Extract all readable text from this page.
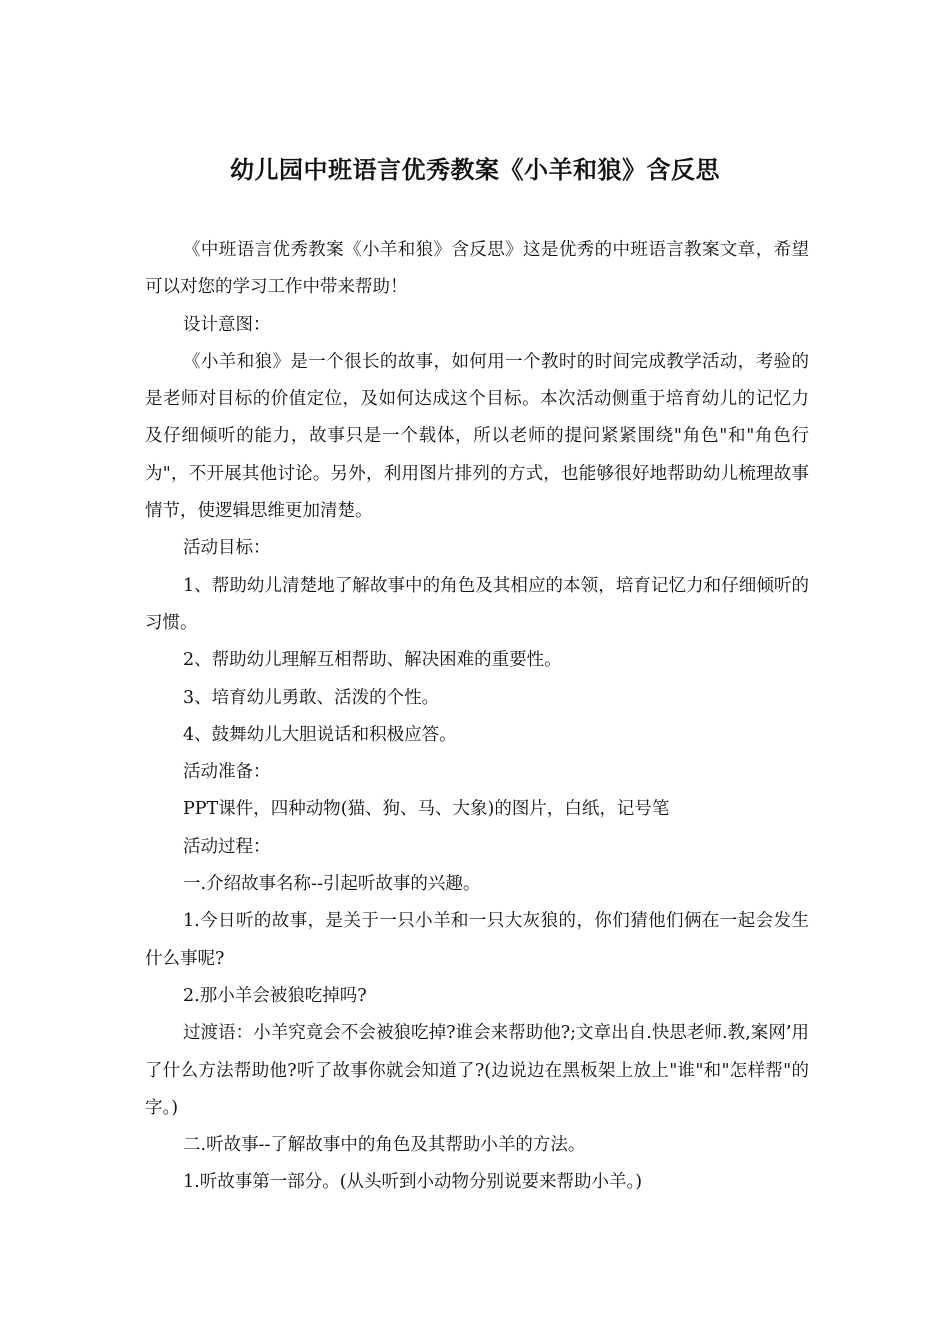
幼儿园中班语言优秀教案《小羊和狼》含反思

《中班语言优秀教案《小羊和狼》含反思》这是优秀的中班语言教案文章，希望可以对您的学习工作中带来帮助！

设计意图：

《小羊和狼》是一个很长的故事，如何用一个教时的时间完成教学活动，考验的是老师对目标的价值定位，及如何达成这个目标。本次活动侧重于培育幼儿的记忆力及仔细倾听的能力，故事只是一个载体，所以老师的提问紧紧围绕"角色"和"角色行为"，不开展其他讨论。另外，利用图片排列的方式，也能够很好地帮助幼儿梳理故事情节，使逻辑思维更加清楚。

活动目标：

1、帮助幼儿清楚地了解故事中的角色及其相应的本领，培育记忆力和仔细倾听的习惯。

2、帮助幼儿理解互相帮助、解决困难的重要性。

3、培育幼儿勇敢、活泼的个性。

4、鼓舞幼儿大胆说话和积极应答。

活动准备：

PPT课件，四种动物(猫、狗、马、大象)的图片，白纸，记号笔

活动过程：

一.介绍故事名称--引起听故事的兴趣。

1.今日听的故事，是关于一只小羊和一只大灰狼的，你们猜他们俩在一起会发生什么事呢?

2.那小羊会被狼吃掉吗?

过渡语：小羊究竟会不会被狼吃掉?谁会来帮助他?;文章出自.快思老师.教,案网’用了什么方法帮助他?听了故事你就会知道了?(边说边在黑板架上放上"谁"和"怎样帮"的字。)

二.听故事--了解故事中的角色及其帮助小羊的方法。

1.听故事第一部分。(从头听到小动物分别说要来帮助小羊。)
